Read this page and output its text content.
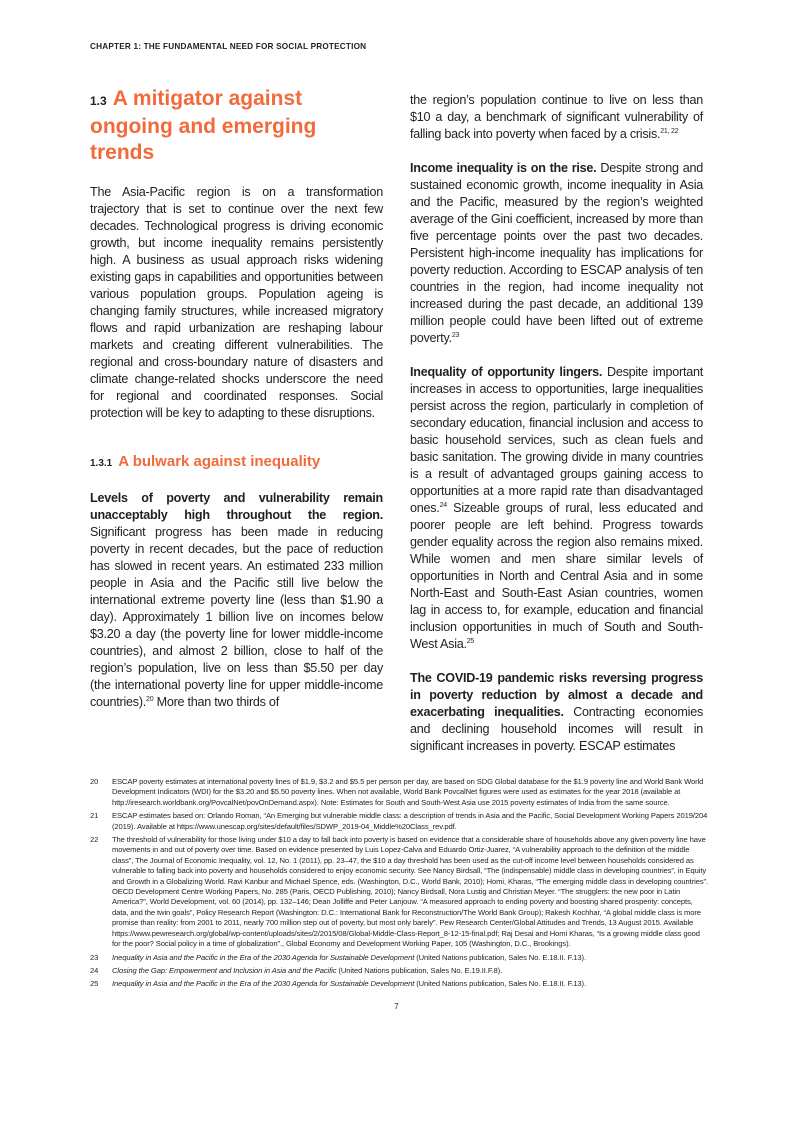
CHAPTER 1: THE FUNDAMENTAL NEED FOR SOCIAL PROTECTION
1.3 A mitigator against ongoing and emerging trends

The Asia-Pacific region is on a transformation trajectory that is set to continue over the next few decades. Technological progress is driving economic growth, but income inequality remains persistently high. A business as usual approach risks widening existing gaps in capabilities and opportunities between various population groups. Population ageing is changing family structures, while increased migratory flows and rapid urbanization are reshaping labour markets and creating different vulnerabilities. The regional and cross-boundary nature of disasters and climate change-related shocks underscore the need for regional and coordinated responses. Social protection will be key to adapting to these disruptions.

1.3.1 A bulwark against inequality

Levels of poverty and vulnerability remain unacceptably high throughout the region. Significant progress has been made in reducing poverty in recent decades, but the pace of reduction has slowed in recent years. An estimated 233 million people in Asia and the Pacific still live below the international extreme poverty line (less than $1.90 a day). Approximately 1 billion live on incomes below $3.20 a day (the poverty line for lower middle-income countries), and almost 2 billion, close to half of the region’s population, live on less than $5.50 per day (the international poverty line for upper middle-income countries).$^{20}$ More than two thirds of

the region’s population continue to live on less than $10 a day, a benchmark of significant vulnerability of falling back into poverty when faced by a crisis.$^{21, 22}$

Income inequality is on the rise. Despite strong and sustained economic growth, income inequality in Asia and the Pacific, measured by the region’s weighted average of the Gini coefficient, increased by more than five percentage points over the past two decades. Persistent high-income inequality has implications for poverty reduction. According to ESCAP analysis of ten countries in the region, had income inequality not increased during the past decade, an additional 139 million people could have been lifted out of extreme poverty.$^{23}$

Inequality of opportunity lingers. Despite important increases in access to opportunities, large inequalities persist across the region, particularly in completion of secondary education, financial inclusion and access to basic household services, such as clean fuels and basic sanitation. The growing divide in many countries is a result of advantaged groups gaining access to opportunities at a more rapid rate than disadvantaged ones.$^{24}$ Sizeable groups of rural, less educated and poorer people are left behind. Progress towards gender equality across the region also remains mixed. While women and men share similar levels of opportunities in North and Central Asia and in some North-East and South-East Asian countries, women lag in access to, for example, education and financial inclusion opportunities in much of South and South-West Asia.$^{25}$

The COVID-19 pandemic risks reversing progress in poverty reduction by almost a decade and exacerbating inequalities. Contracting economies and declining household incomes will result in significant increases in poverty. ESCAP estimates

20	ESCAP poverty estimates at international poverty lines of $1.9, $3.2 and $5.5 per person per day, are based on SDG Global database for the $1.9 poverty line and World Bank World Development Indicators (WDI) for the $3.20 and $5.50 poverty lines. When not available, World Bank PovcalNet figures were used as estimates for the year 2018 (available at http://iresearch.worldbank.org/PovcalNet/povOnDemand.aspx). Note: Estimates for South and South-West Asia use 2015 poverty estimates of India from the same source.
21	ESCAP estimates based on: Orlando Roman, “An Emerging but vulnerable middle class: a description of trends in Asia and the Pacific, Social Development Working Papers 2019/204 (2019). Available at https://www.unescap.org/sites/default/files/SDWP_2019-04_Middle%20Class_rev.pdf.
22	The threshold of vulnerability for those living under $10 a day to fall back into poverty is based on evidence that a considerable share of households above any given poverty line have movements in and out of poverty over time. Based on evidence presented by Luis Lopez-Calva and Eduardo Ortiz-Juarez, “A vulnerability approach to the definition of the middle class”, The Journal of Economic Inequality, vol. 12, No. 1 (2011), pp. 23–47, the $10 a day threshold has been used as the cut-off income level between households considered as vulnerable to falling back into poverty and households considered to enjoy economic security. See Nancy Birdsall, “The (indispensable) middle class in developing countries”, in Equity and Growth in a Globalizing World. Ravi Kanbur and Michael Spence, eds. (Washington, D.C., World Bank, 2010); Homi, Kharas, “The emerging middle class in developing countries”. OECD Development Centre Working Papers, No. 285 (Paris, OECD Publishing, 2010); Nancy Birdsall, Nora Lustig and Christian Meyer. “The strugglers: the new poor in Latin America?”, World Development, vol. 60 (2014), pp. 132–146; Dean Jolliffe and Peter Lanjouw. “A measured approach to ending poverty and boosting shared prosperity: concepts, data, and the twin goals”, Policy Research Report (Washington: D.C.: International Bank for Reconstruction/The World Bank Group); Rakesh Kochhar, “A global middle class is more promise than reality: from 2001 to 2011, nearly 700 million step out of poverty, but most only barely”. Pew Research Center/Global Attitudes and Trends, 13 August 2015. Available https://www.pewresearch.org/global/wp-content/uploads/sites/2/2015/08/Global-Middle-Class-Report_8-12-15-final.pdf; Raj Desai and Homi Kharas, “Is a growing middle class good for the poor? Social policy in a time of globalization”., Global Economy and Development Working Paper, 105 (Washington, D.C., Brookings).
23	Inequality in Asia and the Pacific in the Era of the 2030 Agenda for Sustainable Development (United Nations publication, Sales No. E.18.II. F.13).
24	Closing the Gap: Empowerment and Inclusion in Asia and the Pacific (United Nations publication, Sales No. E.19.II.F.8).
25	Inequality in Asia and the Pacific in the Era of the 2030 Agenda for Sustainable Development (United Nations publication, Sales No. E.18.II. F.13).
7
